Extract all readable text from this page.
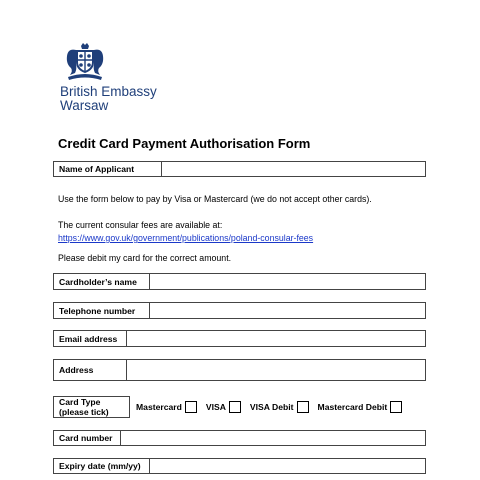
British Embassy
Warsaw
Credit Card Payment Authorisation Form
Name of Applicant
Use the form below to pay by Visa or Mastercard (we do not accept other cards).
The current consular fees are available at:
https://www.gov.uk/government/publications/poland-consular-fees
Please debit my card for the correct amount.
Cardholder’s name
Telephone number
Email address
Address
Card Type
(please tick)	Mastercard	VISA	VISA Debit	Mastercard Debit
Card number
Expiry date (mm/yy)
